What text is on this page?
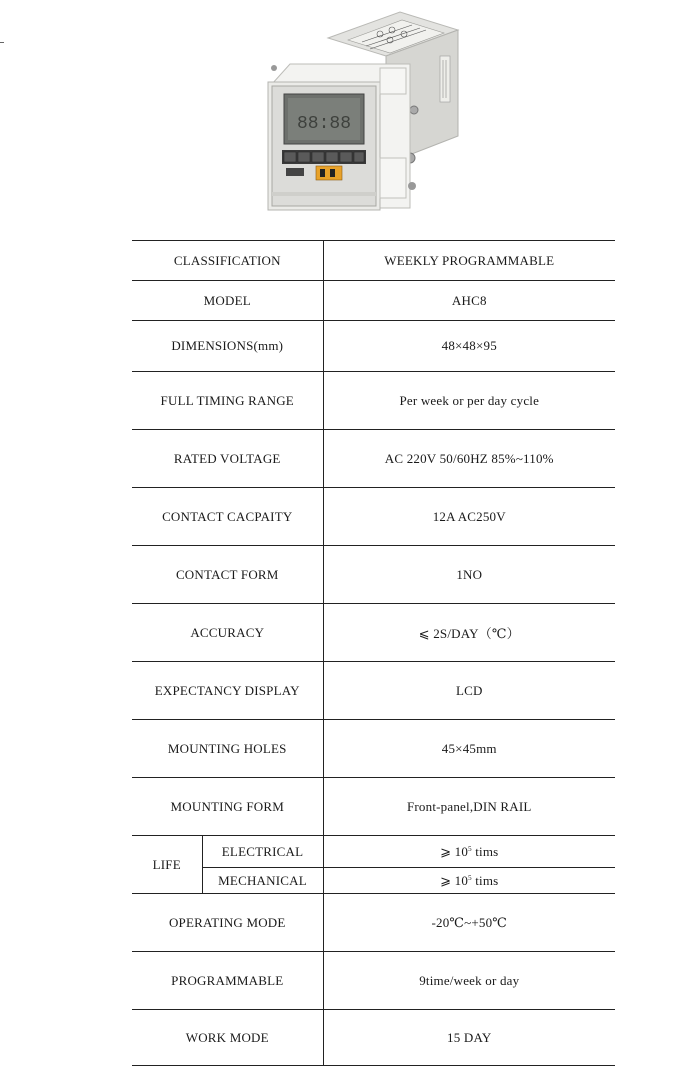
88:88
CLASSIFICATION		WEEKLY PROGRAMMABLE
MODEL		AHC8
DIMENSIONS(mm)		48×48×95
FULL TIMING RANGE		Per week or per day cycle
RATED VOLTAGE		AC 220V 50/60HZ 85%~110%
CONTACT CACPAITY		12A AC250V
CONTACT FORM		1NO
ACCURACY		⩽ 2S/DAY（℃）
EXPECTANCY DISPLAY		LCD
MOUNTING HOLES		45×45mm
MOUNTING FORM		Front-panel,DIN RAIL
LIFE	ELECTRICAL	⩾ $10^5$ tims
	MECHANICAL	⩾ $10^5$ tims
OPERATING MODE		-20℃~+50℃
PROGRAMMABLE		9time/week or day
WORK MODE		15 DAY
